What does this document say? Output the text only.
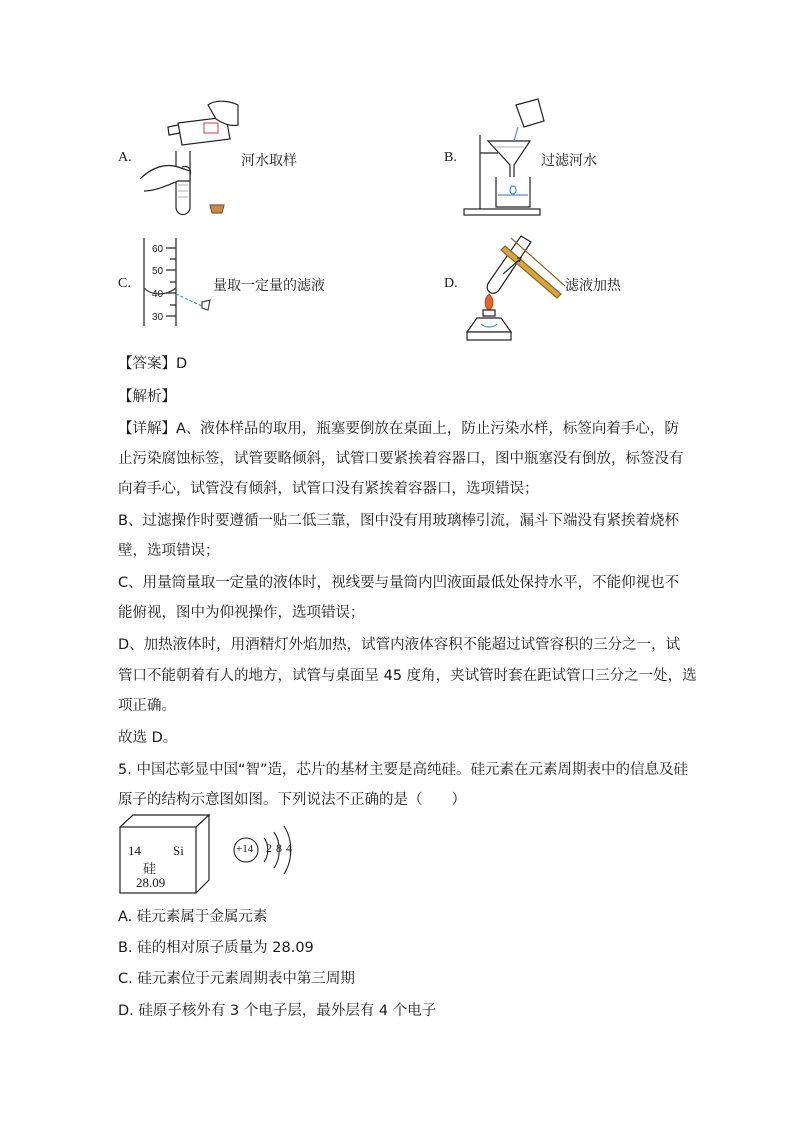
A.	河水取样	B.	过滤河水
C.
60
50
40
30
量取一定量的滤液	D.	滤液加热
【答案】D
【解析】
【详解】A、液体样品的取用，瓶塞要倒放在桌面上，防止污染水样，标签向着手心，防
止污染腐蚀标签，试管要略倾斜，试管口要紧挨着容器口，图中瓶塞没有倒放，标签没有
向着手心，试管没有倾斜，试管口没有紧挨着容器口，选项错误；
B、过滤操作时要遵循一贴二低三靠，图中没有用玻璃棒引流，漏斗下端没有紧挨着烧杯
壁，选项错误；
C、用量筒量取一定量的液体时，视线要与量筒内凹液面最低处保持水平，不能仰视也不
能俯视，图中为仰视操作，选项错误；
D、加热液体时，用酒精灯外焰加热，试管内液体容积不能超过试管容积的三分之一，试
管口不能朝着有人的地方，试管与桌面呈 45 度角，夹试管时套在距试管口三分之一处，选
项正确。
故选 D。
5. 中国芯彰显中国“智”造，芯片的基材主要是高纯硅。硅元素在元素周期表中的信息及硅
原子的结构示意图如图。下列说法不正确的是（　　）
14 Si
硅
28.09
+14 2 8 4
A. 硅元素属于金属元素
B. 硅的相对原子质量为 28.09
C. 硅元素位于元素周期表中第三周期
D. 硅原子核外有 3 个电子层，最外层有 4 个电子
